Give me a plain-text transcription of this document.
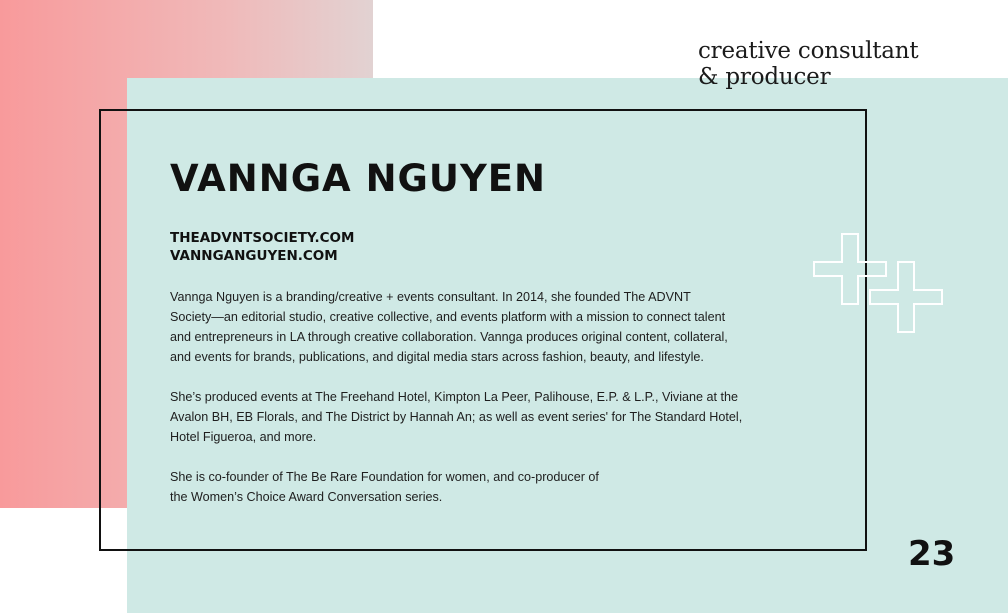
creative consultant
& producer
VANNGA NGUYEN
THEADVNTSOCIETY.COM
VANNGANGUYEN.COM

Vannga Nguyen is a branding/creative + events consultant. In 2014, she founded The ADVNT
Society—an editorial studio, creative collective, and events platform with a mission to connect talent
and entrepreneurs in LA through creative collaboration. Vannga produces original content, collateral,
and events for brands, publications, and digital media stars across fashion, beauty, and lifestyle.

She’s produced events at The Freehand Hotel, Kimpton La Peer, Palihouse, E.P. & L.P., Viviane at the
Avalon BH, EB Florals, and The District by Hannah An; as well as event series' for The Standard Hotel,
Hotel Figueroa, and more.

She is co-founder of The Be Rare Foundation for women, and co-producer of
the Women’s Choice Award Conversation series.

23
